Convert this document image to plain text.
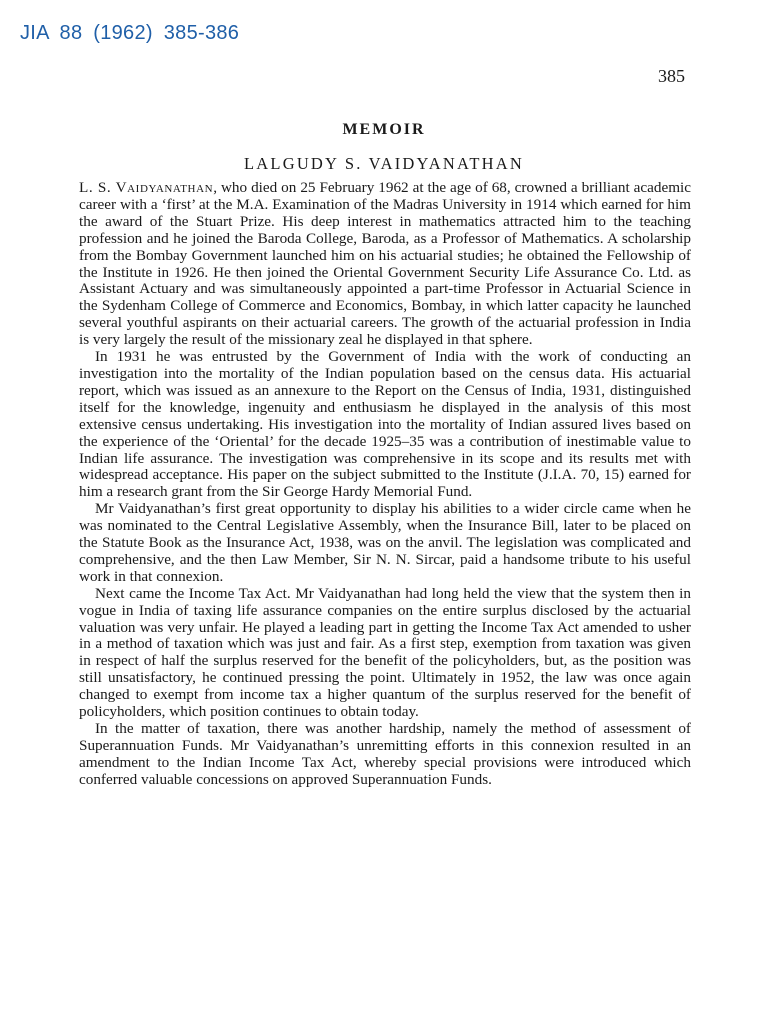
JIA 88 (1962) 385-386
385
MEMOIR
LALGUDY S. VAIDYANATHAN

L. S. Vaidyanathan, who died on 25 February 1962 at the age of 68, crowned a brilliant academic career with a ‘first’ at the M.A. Examination of the Madras University in 1914 which earned for him the award of the Stuart Prize. His deep interest in mathematics attracted him to the teaching profession and he joined the Baroda College, Baroda, as a Professor of Mathematics. A scholarship from the Bombay Government launched him on his actuarial studies; he obtained the Fellowship of the Institute in 1926. He then joined the Oriental Government Security Life Assurance Co. Ltd. as Assistant Actuary and was simultaneously appointed a part-time Professor in Actuarial Science in the Sydenham College of Commerce and Economics, Bombay, in which latter capacity he launched several youthful aspirants on their actuarial careers. The growth of the actuarial profession in India is very largely the result of the missionary zeal he displayed in that sphere.

In 1931 he was entrusted by the Government of India with the work of conducting an investigation into the mortality of the Indian population based on the census data. His actuarial report, which was issued as an annexure to the Report on the Census of India, 1931, distinguished itself for the knowledge, ingenuity and enthusiasm he displayed in the analysis of this most extensive census undertaking. His investigation into the mortality of Indian assured lives based on the experience of the ‘Oriental’ for the decade 1925–35 was a contribution of inestimable value to Indian life assurance. The investigation was comprehensive in its scope and its results met with widespread acceptance. His paper on the subject submitted to the Institute (J.I.A. 70, 15) earned for him a research grant from the Sir George Hardy Memorial Fund.

Mr Vaidyanathan’s first great opportunity to display his abilities to a wider circle came when he was nominated to the Central Legislative Assembly, when the Insurance Bill, later to be placed on the Statute Book as the Insurance Act, 1938, was on the anvil. The legislation was complicated and comprehensive, and the then Law Member, Sir N. N. Sircar, paid a handsome tribute to his useful work in that connexion.

Next came the Income Tax Act. Mr Vaidyanathan had long held the view that the system then in vogue in India of taxing life assurance companies on the entire surplus disclosed by the actuarial valuation was very unfair. He played a leading part in getting the Income Tax Act amended to usher in a method of taxation which was just and fair. As a first step, exemption from taxation was given in respect of half the surplus reserved for the benefit of the policyholders, but, as the position was still unsatisfactory, he continued pressing the point. Ultimately in 1952, the law was once again changed to exempt from income tax a higher quantum of the surplus reserved for the benefit of policyholders, which position continues to obtain today.

In the matter of taxation, there was another hardship, namely the method of assessment of Superannuation Funds. Mr Vaidyanathan’s unremitting efforts in this connexion resulted in an amendment to the Indian Income Tax Act, whereby special provisions were introduced which conferred valuable concessions on approved Superannuation Funds.
